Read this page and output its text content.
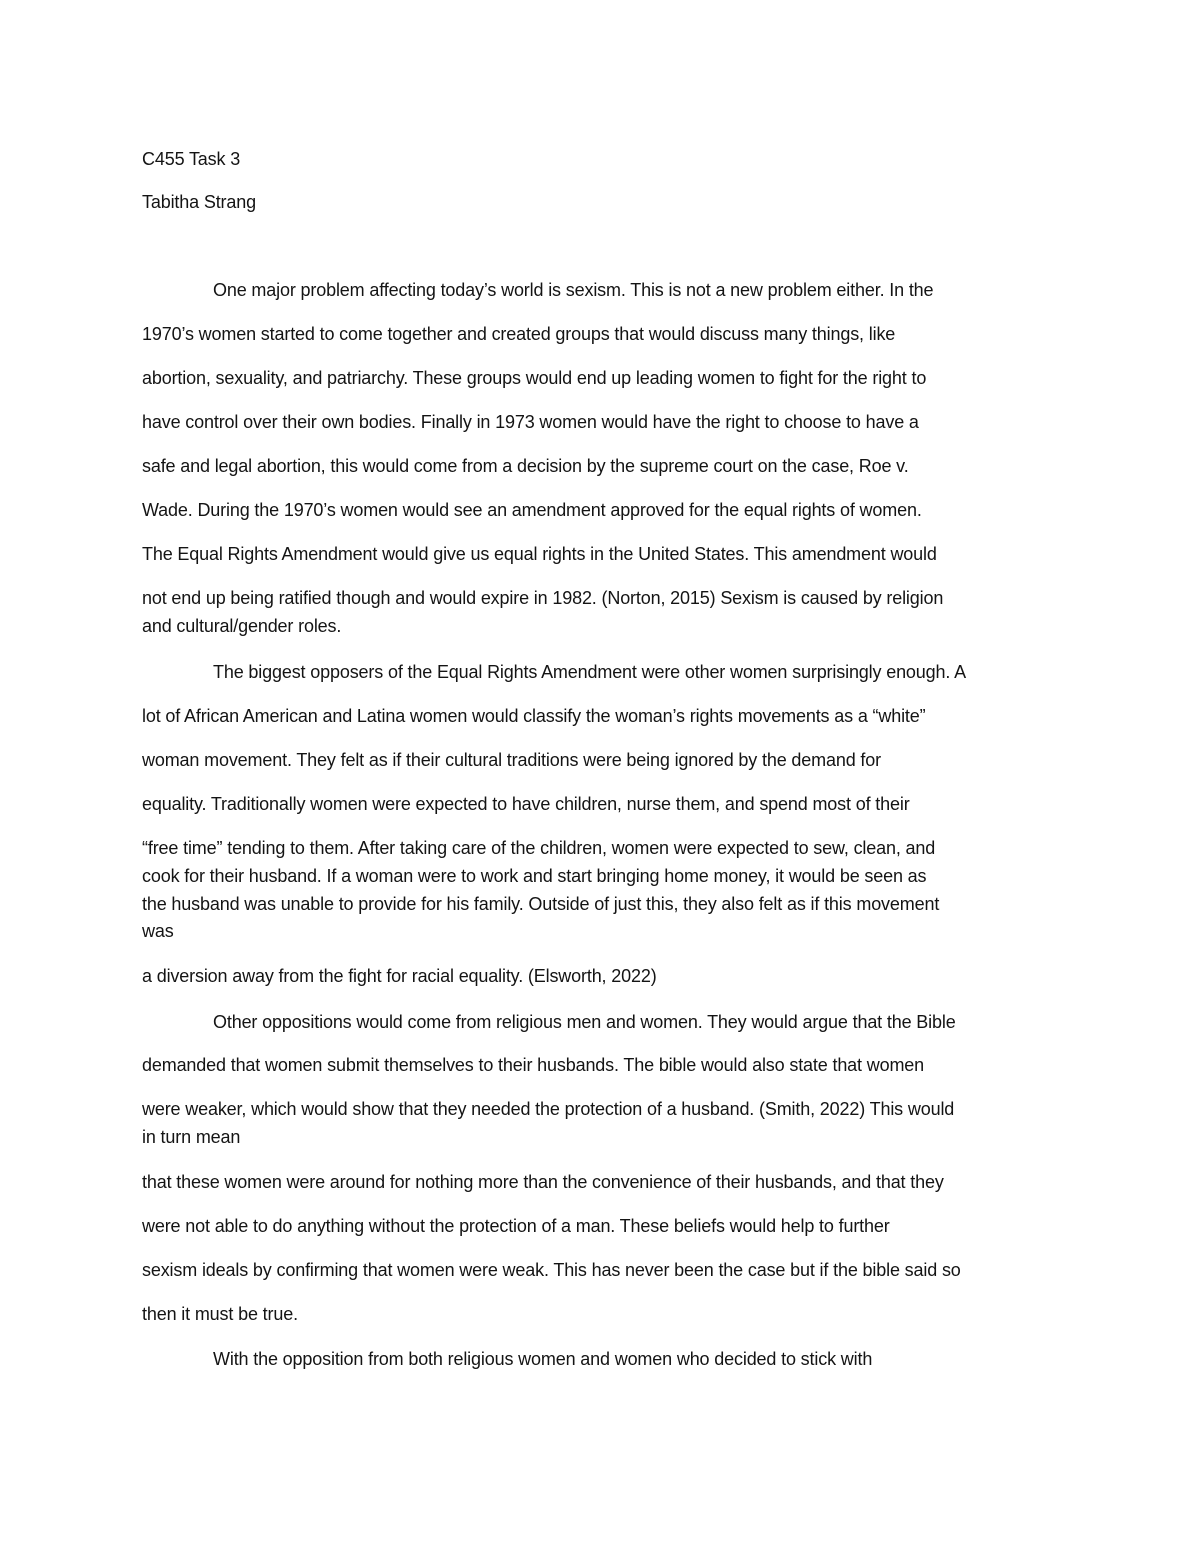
C455 Task 3

Tabitha Strang

One major problem affecting today’s world is sexism. This is not a new problem either. In the

1970’s women started to come together and created groups that would discuss many things, like

abortion, sexuality, and patriarchy. These groups would end up leading women to fight for the right to

have control over their own bodies. Finally in 1973 women would have the right to choose to have a

safe and legal abortion, this would come from a decision by the supreme court on the case, Roe v.

Wade. During the 1970’s women would see an amendment approved for the equal rights of women.

The Equal Rights Amendment would give us equal rights in the United States. This amendment would

not end up being ratified though and would expire in 1982. (Norton, 2015) Sexism is caused by religion

and cultural/gender roles.

The biggest opposers of the Equal Rights Amendment were other women surprisingly enough. A

lot of African American and Latina women would classify the woman’s rights movements as a “white”

woman movement. They felt as if their cultural traditions were being ignored by the demand for

equality. Traditionally women were expected to have children, nurse them, and spend most of their

“free time” tending to them. After taking care of the children, women were expected to sew, clean, and

cook for their husband. If a woman were to work and start bringing home money, it would be seen as

the husband was unable to provide for his family. Outside of just this, they also felt as if this movement

was

a diversion away from the fight for racial equality. (Elsworth, 2022)

Other oppositions would come from religious men and women. They would argue that the Bible

demanded that women submit themselves to their husbands. The bible would also state that women

were weaker, which would show that they needed the protection of a husband. (Smith, 2022) This would

in turn mean

that these women were around for nothing more than the convenience of their husbands, and that they

were not able to do anything without the protection of a man. These beliefs would help to further

sexism ideals by confirming that women were weak. This has never been the case but if the bible said so

then it must be true.

With the opposition from both religious women and women who decided to stick with
